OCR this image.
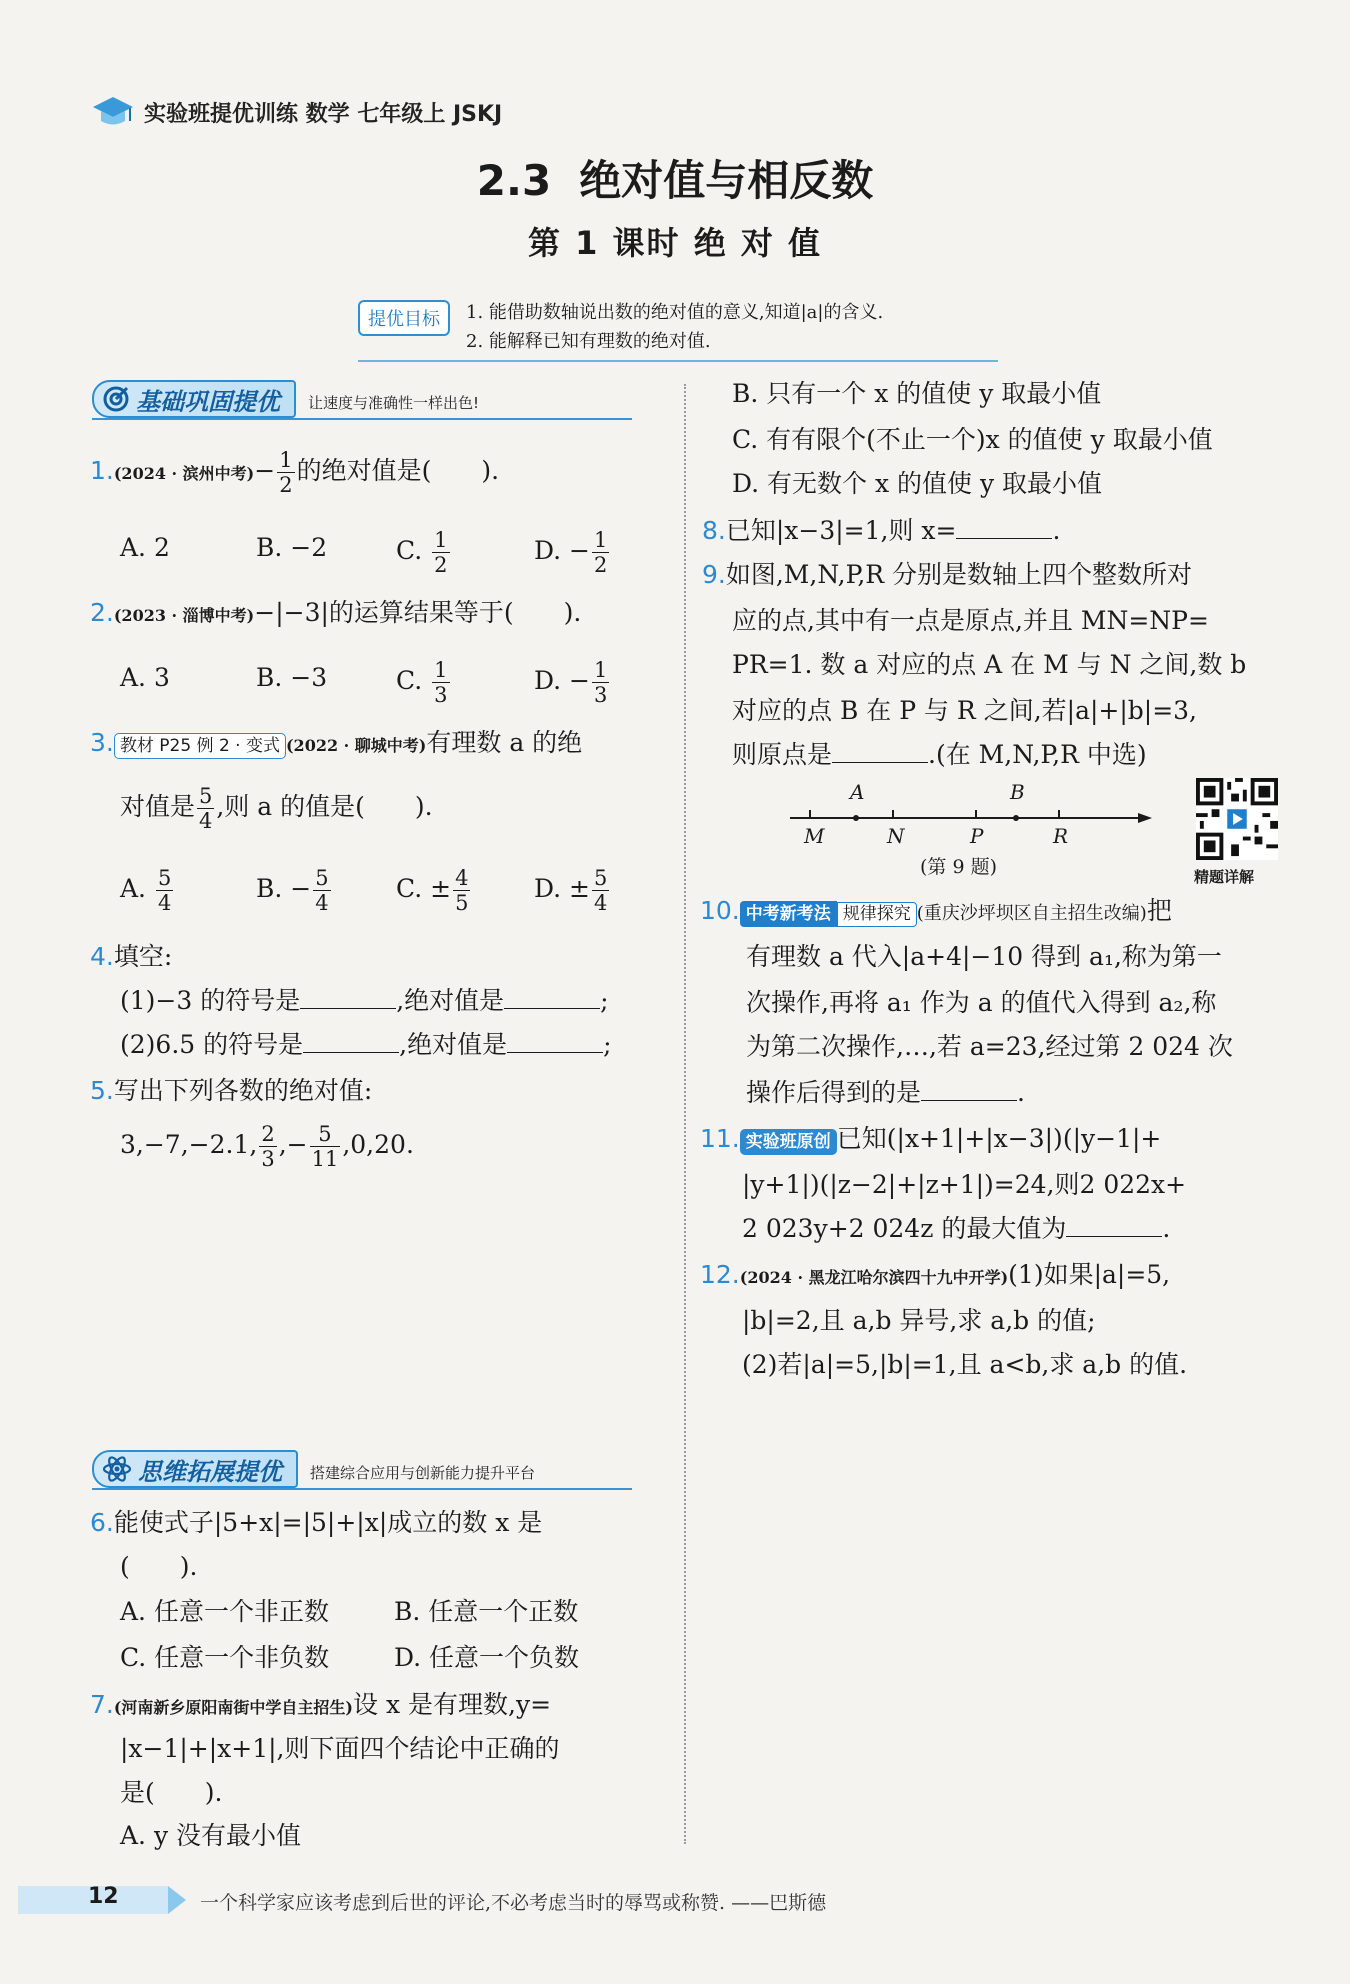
实验班提优训练 数学 七年级上 JSKJ
2.3 绝对值与相反数
第 1 课时 绝 对 值
提优目标	1. 能借助数轴说出数的绝对值的意义,知道|a|的含义.
2. 能解释已知有理数的绝对值.
基础巩固提优 让速度与准确性一样出色!
1.(2024 · 滨州中考)− $\frac{1}{2}$ 的绝对值是(　　).
A. 2	B. −2	C. $\frac{1}{2}$	D. − $\frac{1}{2}$
2.(2023 · 淄博中考)−|−3|的运算结果等于(　　).
A. 3	B. −3	C. $\frac{1}{3}$	D. − $\frac{1}{3}$
3. 教材 P25 例 2 · 变式 (2022 · 聊城中考)有理数 a 的绝
对值是 $\frac{5}{4}$ ,则 a 的值是(　　).
A. $\frac{5}{4}$	B. − $\frac{5}{4}$	C. ± $\frac{4}{5}$	D. ± $\frac{5}{4}$
4.填空:
(1)−3 的符号是	,绝对值是	;
(2)6.5 的符号是	,绝对值是	;
5.写出下列各数的绝对值:
3,−7,−2.1, $\frac{2}{3}$ ,− $\frac{5}{11} ,0,20$.
思维拓展提优 搭建综合应用与创新能力提升平台
6.能使式子|5+x|=|5|+|x|成立的数 x 是
(　　).
A. 任意一个非正数	B. 任意一个正数
C. 任意一个非负数	D. 任意一个负数
7.(河南新乡原阳南街中学自主招生)设 x 是有理数,y=
|x−1|+|x+1|,则下面四个结论中正确的
是(　　).
A. y 没有最小值
B. 只有一个 x 的值使 y 取最小值
C. 有有限个(不止一个)x 的值使 y 取最小值
D. 有无数个 x 的值使 y 取最小值
8.已知|x−3|=1,则 x=	.
9.如图,M,N,P,R 分别是数轴上四个整数所对
应的点,其中有一点是原点,并且 MN=NP=
PR=1. 数 a 对应的点 A 在 M 与 N 之间,数 b
对应的点 B 在 P 与 R 之间,若|a|+|b|=3,
则原点是	.(在 M,N,P,R 中选)
A	B
M	N	P	R
(第 9 题)	精题详解
10. 中考新考法 规律探究 (重庆沙坪坝区自主招生改编)把
有理数 a 代入|a+4|−10 得到 a₁,称为第一
次操作,再将 a₁ 作为 a 的值代入得到 a₂,称
为第二次操作,…,若 a=23,经过第 2 024 次
操作后得到的是	.
11. 实验班原创 已知(|x+1|+|x−3|)(|y−1|+
|y+1|)(|z−2|+|z+1|)=24,则2 022x+
2 023y+2 024z 的最大值为	.
12.(2024 · 黑龙江哈尔滨四十九中开学)(1)如果|a|=5,
|b|=2,且 a,b 异号,求 a,b 的值;
(2)若|a|=5,|b|=1,且 a<b,求 a,b 的值.
12	一个科学家应该考虑到后世的评论,不必考虑当时的辱骂或称赞. ——巴斯德
